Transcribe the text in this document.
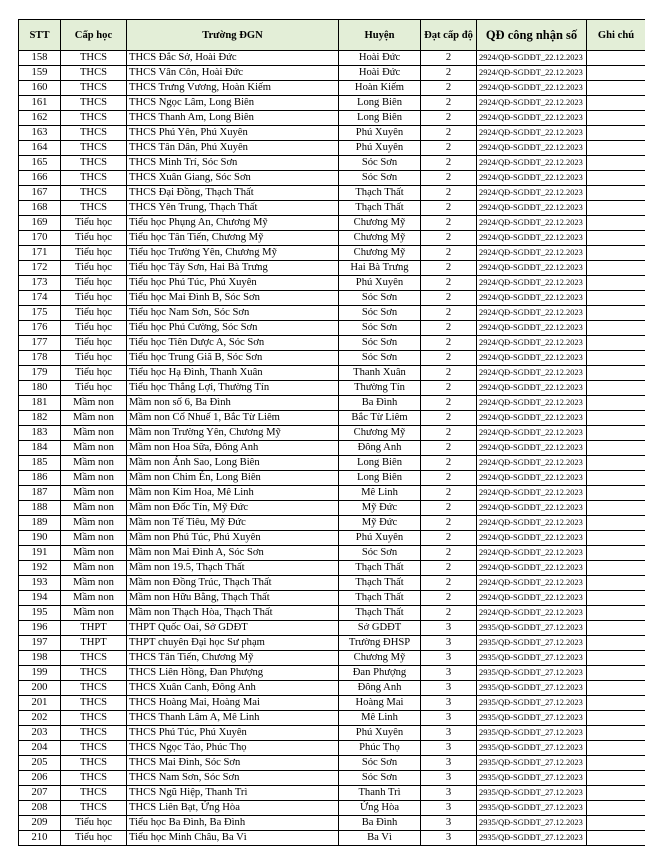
STT	Cấp học	Trường ĐGN	Huyện	Đạt cấp độ	QĐ công nhận số	Ghi chú
158	THCS	THCS Đắc Sở, Hoài Đức	Hoài Đức	2	2924/QĐ-SGDĐT_22.12.2023	
159	THCS	THCS Vân Côn, Hoài Đức	Hoài Đức	2	2924/QĐ-SGDĐT_22.12.2023	
160	THCS	THCS Trưng Vương, Hoàn Kiếm	Hoàn Kiếm	2	2924/QĐ-SGDĐT_22.12.2023	
161	THCS	THCS Ngọc Lâm, Long Biên	Long Biên	2	2924/QĐ-SGDĐT_22.12.2023	
162	THCS	THCS Thanh Am, Long Biên	Long Biên	2	2924/QĐ-SGDĐT_22.12.2023	
163	THCS	THCS Phú Yên, Phú Xuyên	Phú Xuyên	2	2924/QĐ-SGDĐT_22.12.2023	
164	THCS	THCS Tân Dân, Phú Xuyên	Phú Xuyên	2	2924/QĐ-SGDĐT_22.12.2023	
165	THCS	THCS Minh Trí, Sóc Sơn	Sóc Sơn	2	2924/QĐ-SGDĐT_22.12.2023	
166	THCS	THCS Xuân Giang, Sóc Sơn	Sóc Sơn	2	2924/QĐ-SGDĐT_22.12.2023	
167	THCS	THCS Đại Đồng, Thạch Thất	Thạch Thất	2	2924/QĐ-SGDĐT_22.12.2023	
168	THCS	THCS Yên Trung, Thạch Thất	Thạch Thất	2	2924/QĐ-SGDĐT_22.12.2023	
169	Tiểu học	Tiểu học Phụng An, Chương Mỹ	Chương Mỹ	2	2924/QĐ-SGDĐT_22.12.2023	
170	Tiểu học	Tiểu học Tân Tiến, Chương Mỹ	Chương Mỹ	2	2924/QĐ-SGDĐT_22.12.2023	
171	Tiểu học	Tiểu học Trường Yên, Chương Mỹ	Chương Mỹ	2	2924/QĐ-SGDĐT_22.12.2023	
172	Tiểu học	Tiểu học Tây Sơn, Hai Bà Trưng	Hai Bà Trưng	2	2924/QĐ-SGDĐT_22.12.2023	
173	Tiểu học	Tiểu học Phú Túc, Phú Xuyên	Phú Xuyên	2	2924/QĐ-SGDĐT_22.12.2023	
174	Tiểu học	Tiểu học Mai Đình B, Sóc Sơn	Sóc Sơn	2	2924/QĐ-SGDĐT_22.12.2023	
175	Tiểu học	Tiểu học Nam Sơn, Sóc Sơn	Sóc Sơn	2	2924/QĐ-SGDĐT_22.12.2023	
176	Tiểu học	Tiểu học Phú Cường, Sóc Sơn	Sóc Sơn	2	2924/QĐ-SGDĐT_22.12.2023	
177	Tiểu học	Tiểu học Tiên Dược A, Sóc Sơn	Sóc Sơn	2	2924/QĐ-SGDĐT_22.12.2023	
178	Tiểu học	Tiểu học Trung Giã B, Sóc Sơn	Sóc Sơn	2	2924/QĐ-SGDĐT_22.12.2023	
179	Tiểu học	Tiểu học Hạ Đình, Thanh Xuân	Thanh Xuân	2	2924/QĐ-SGDĐT_22.12.2023	
180	Tiểu học	Tiểu học Thắng Lợi, Thường Tín	Thường Tín	2	2924/QĐ-SGDĐT_22.12.2023	
181	Mầm non	Mầm non số 6, Ba Đình	Ba Đình	2	2924/QĐ-SGDĐT_22.12.2023	
182	Mầm non	Mầm non Cổ Nhuế 1, Bắc Từ Liêm	Bắc Từ Liêm	2	2924/QĐ-SGDĐT_22.12.2023	
183	Mầm non	Mầm non Trường Yên, Chương Mỹ	Chương Mỹ	2	2924/QĐ-SGDĐT_22.12.2023	
184	Mầm non	Mầm non Hoa Sữa, Đông Anh	Đông Anh	2	2924/QĐ-SGDĐT_22.12.2023	
185	Mầm non	Mầm non Ánh Sao, Long Biên	Long Biên	2	2924/QĐ-SGDĐT_22.12.2023	
186	Mầm non	Mầm non Chim Én, Long Biên	Long Biên	2	2924/QĐ-SGDĐT_22.12.2023	
187	Mầm non	Mầm non Kim Hoa, Mê Linh	Mê Linh	2	2924/QĐ-SGDĐT_22.12.2023	
188	Mầm non	Mầm non Đốc Tín, Mỹ Đức	Mỹ Đức	2	2924/QĐ-SGDĐT_22.12.2023	
189	Mầm non	Mầm non Tế Tiêu, Mỹ Đức	Mỹ Đức	2	2924/QĐ-SGDĐT_22.12.2023	
190	Mầm non	Mầm non Phú Túc, Phú Xuyên	Phú Xuyên	2	2924/QĐ-SGDĐT_22.12.2023	
191	Mầm non	Mầm non Mai Đình A, Sóc Sơn	Sóc Sơn	2	2924/QĐ-SGDĐT_22.12.2023	
192	Mầm non	Mầm non 19.5, Thạch Thất	Thạch Thất	2	2924/QĐ-SGDĐT_22.12.2023	
193	Mầm non	Mầm non Đồng Trúc, Thạch Thất	Thạch Thất	2	2924/QĐ-SGDĐT_22.12.2023	
194	Mầm non	Mầm non Hữu Bằng, Thạch Thất	Thạch Thất	2	2924/QĐ-SGDĐT_22.12.2023	
195	Mầm non	Mầm non Thạch Hòa, Thạch Thất	Thạch Thất	2	2924/QĐ-SGDĐT_22.12.2023	
196	THPT	THPT Quốc Oai, Sở GDĐT	Sở GDĐT	3	2935/QĐ-SGDĐT_27.12.2023	
197	THPT	THPT chuyên Đại học Sư phạm	Trường ĐHSP	3	2935/QĐ-SGDĐT_27.12.2023	
198	THCS	THCS Tân Tiến, Chương Mỹ	Chương Mỹ	3	2935/QĐ-SGDĐT_27.12.2023	
199	THCS	THCS Liên Hồng, Đan Phượng	Đan Phượng	3	2935/QĐ-SGDĐT_27.12.2023	
200	THCS	THCS Xuân Canh, Đông Anh	Đông Anh	3	2935/QĐ-SGDĐT_27.12.2023	
201	THCS	THCS Hoàng Mai, Hoàng Mai	Hoàng Mai	3	2935/QĐ-SGDĐT_27.12.2023	
202	THCS	THCS Thanh Lâm A, Mê Linh	Mê Linh	3	2935/QĐ-SGDĐT_27.12.2023	
203	THCS	THCS Phú Túc, Phú Xuyên	Phú Xuyên	3	2935/QĐ-SGDĐT_27.12.2023	
204	THCS	THCS Ngọc Tảo, Phúc Thọ	Phúc Thọ	3	2935/QĐ-SGDĐT_27.12.2023	
205	THCS	THCS Mai Đình, Sóc Sơn	Sóc Sơn	3	2935/QĐ-SGDĐT_27.12.2023	
206	THCS	THCS Nam Sơn, Sóc Sơn	Sóc Sơn	3	2935/QĐ-SGDĐT_27.12.2023	
207	THCS	THCS Ngũ Hiệp, Thanh Trì	Thanh Trì	3	2935/QĐ-SGDĐT_27.12.2023	
208	THCS	THCS Liên Bạt, Ứng Hòa	Ứng Hòa	3	2935/QĐ-SGDĐT_27.12.2023	
209	Tiểu học	Tiểu học Ba Đình, Ba Đình	Ba Đình	3	2935/QĐ-SGDĐT_27.12.2023	
210	Tiểu học	Tiểu học Minh Châu, Ba Vì	Ba Vì	3	2935/QĐ-SGDĐT_27.12.2023	
